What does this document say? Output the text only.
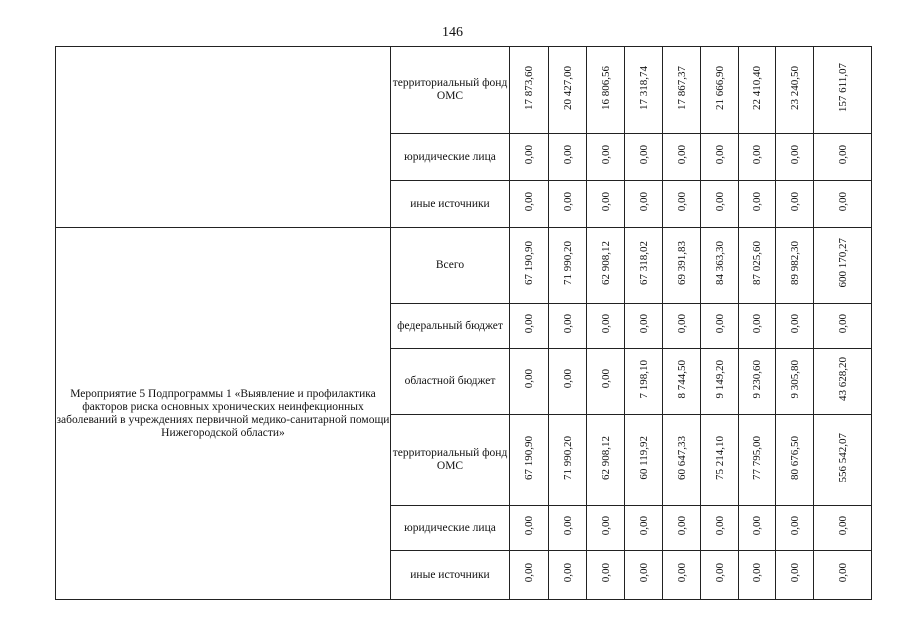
146
	территориальный фонд ОМС	17 873,60	20 427,00	16 806,56	17 318,74	17 867,37	21 666,90	22 410,40	23 240,50	157 611,07
	юридические лица	0,00	0,00	0,00	0,00	0,00	0,00	0,00	0,00	0,00
	иные источники	0,00	0,00	0,00	0,00	0,00	0,00	0,00	0,00	0,00
Мероприятие 5 Подпрограммы 1 «Выявление и профилактика факторов риска основных хронических неинфекционных заболеваний в учреждениях первичной медико-санитарной помощи Нижегородской области»	Всего	67 190,90	71 990,20	62 908,12	67 318,02	69 391,83	84 363,30	87 025,60	89 982,30	600 170,27
	федеральный бюджет	0,00	0,00	0,00	0,00	0,00	0,00	0,00	0,00	0,00
	областной бюджет	0,00	0,00	0,00	7 198,10	8 744,50	9 149,20	9 230,60	9 305,80	43 628,20
	территориальный фонд ОМС	67 190,90	71 990,20	62 908,12	60 119,92	60 647,33	75 214,10	77 795,00	80 676,50	556 542,07
	юридические лица	0,00	0,00	0,00	0,00	0,00	0,00	0,00	0,00	0,00
	иные источники	0,00	0,00	0,00	0,00	0,00	0,00	0,00	0,00	0,00
